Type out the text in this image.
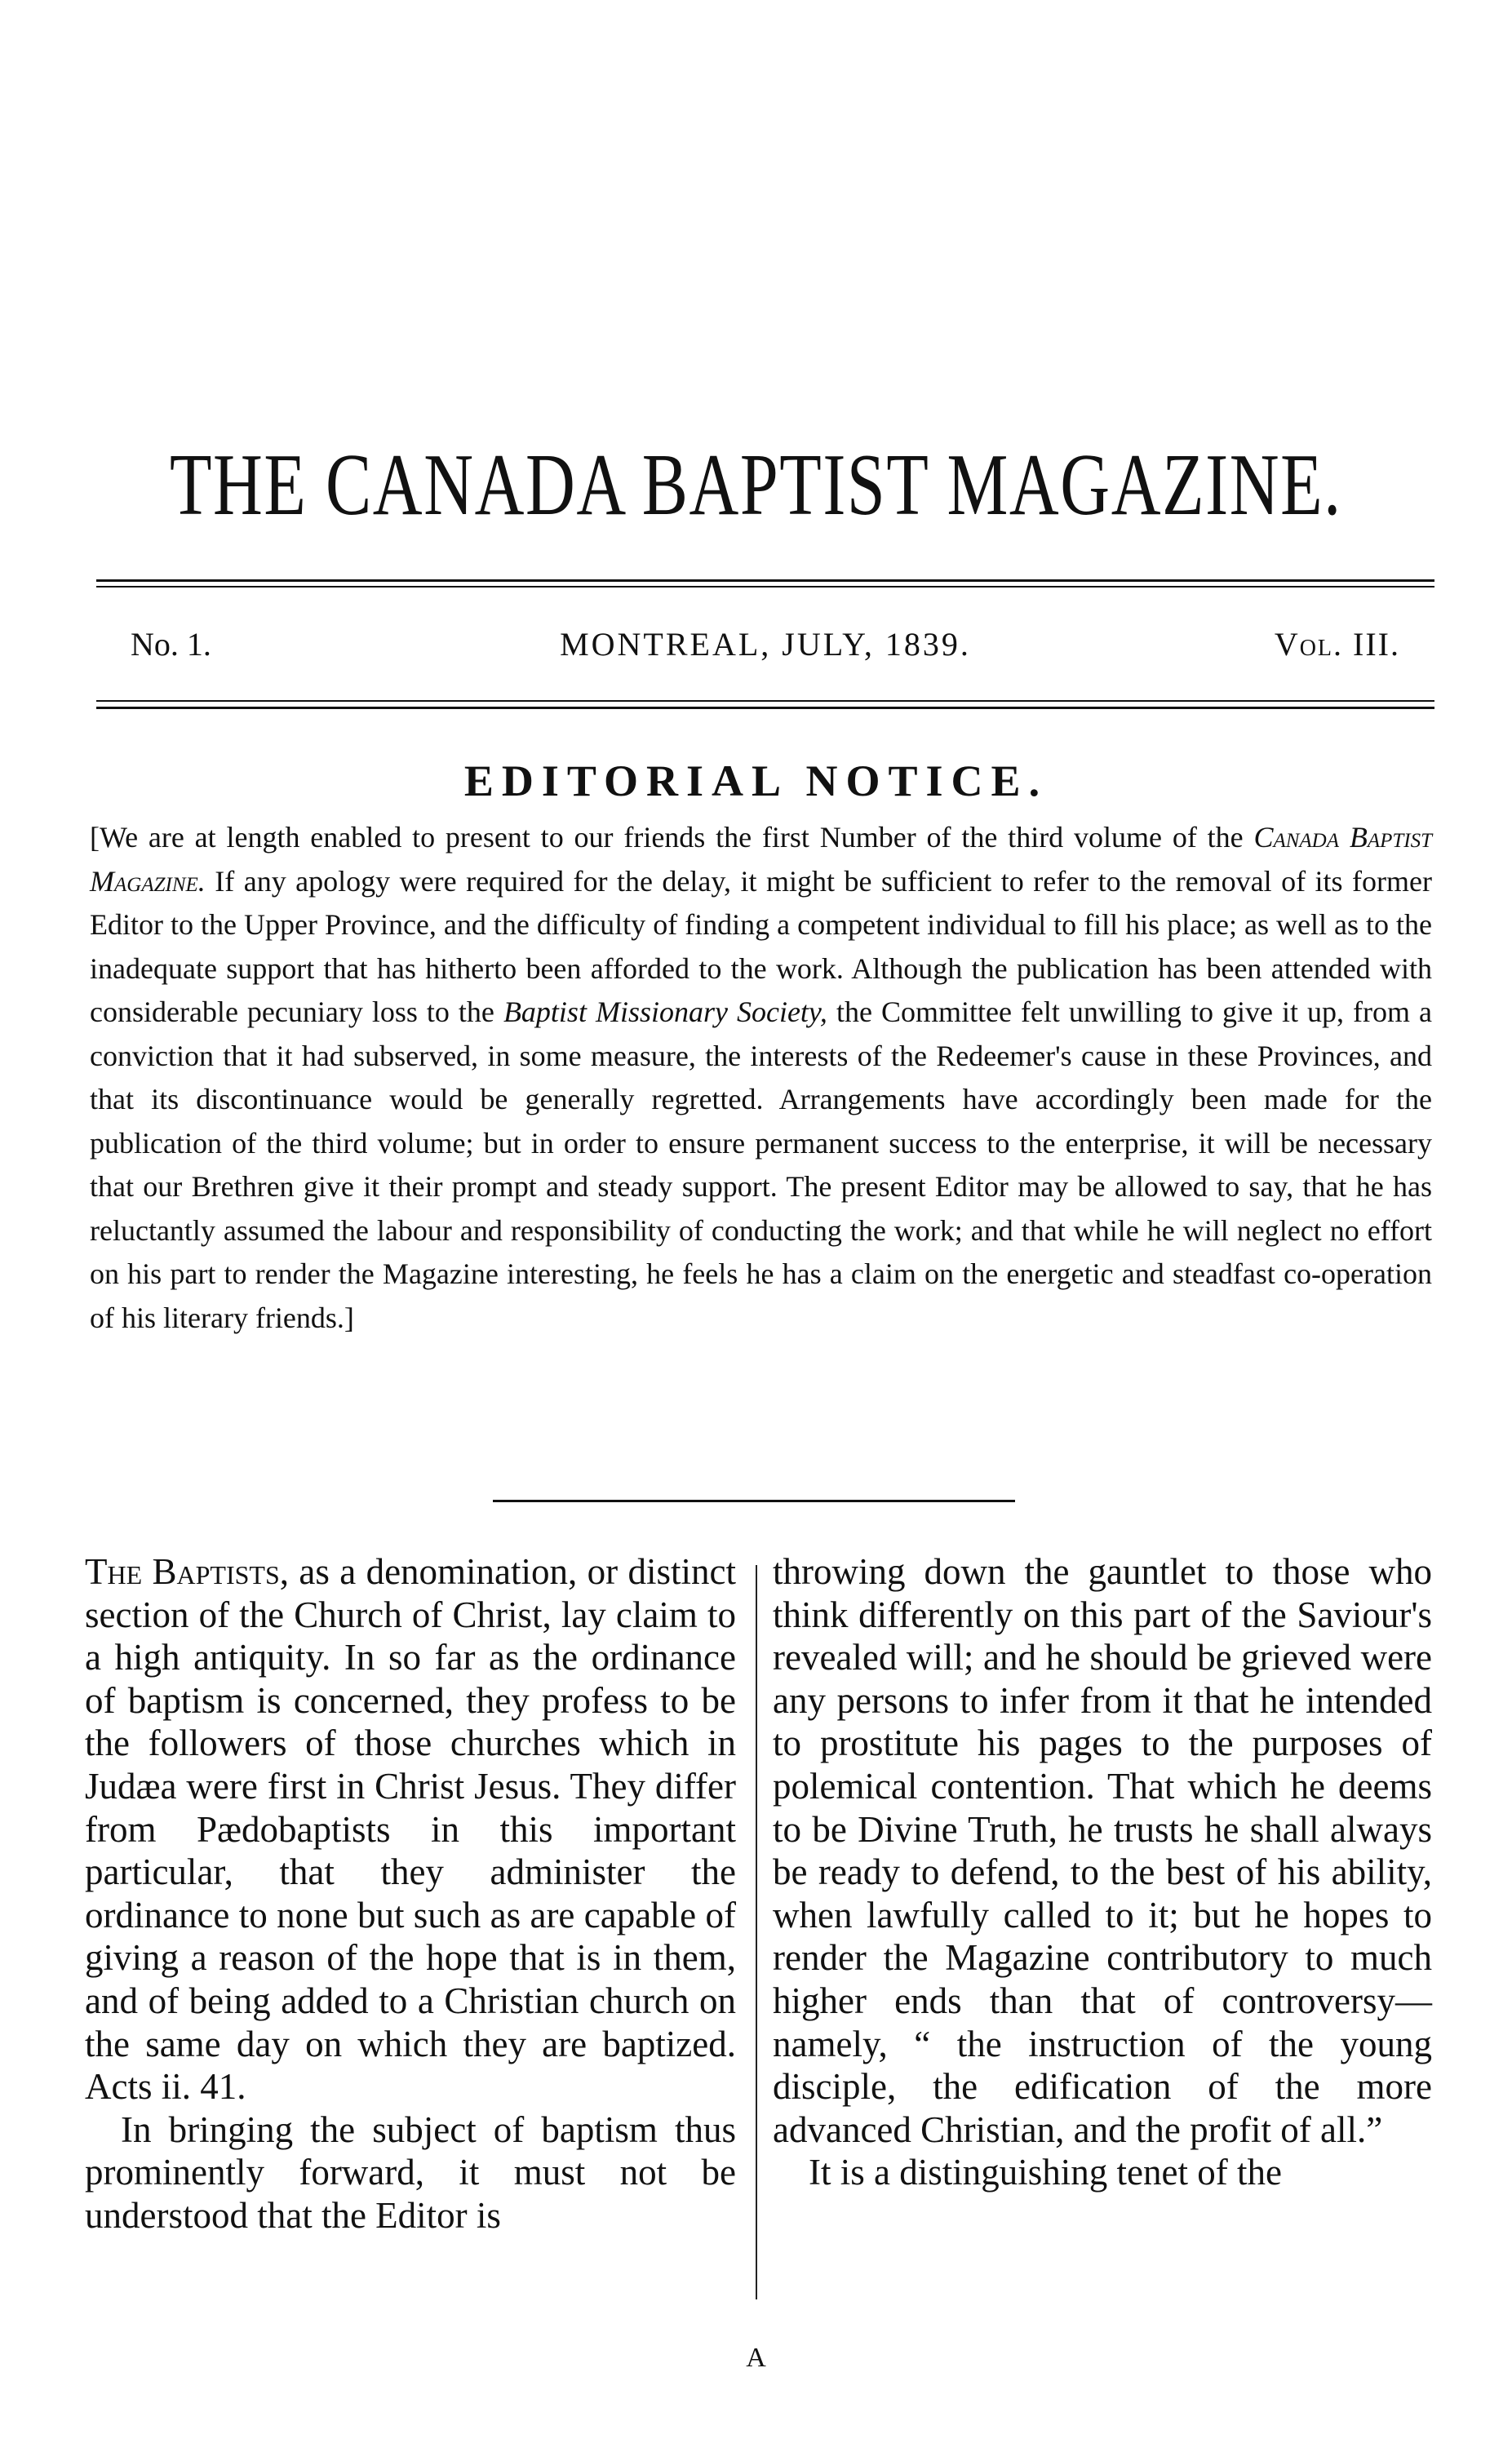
THE CANADA BAPTIST MAGAZINE.
No. 1.	MONTREAL, JULY, 1839.	Vol. III.
EDITORIAL NOTICE.
[We are at length enabled to present to our friends the first Number of the third volume of the Canada Baptist Magazine. If any apology were required for the delay, it might be sufficient to refer to the removal of its former Editor to the Upper Province, and the difficulty of finding a competent individual to fill his place; as well as to the inadequate support that has hitherto been afforded to the work. Although the publication has been attended with considerable pecuniary loss to the Baptist Missionary Society, the Committee felt unwilling to give it up, from a conviction that it had subserved, in some measure, the interests of the Redeemer's cause in these Provinces, and that its discontinuance would be generally regretted. Arrangements have accordingly been made for the publication of the third volume; but in order to ensure permanent success to the enterprise, it will be necessary that our Brethren give it their prompt and steady support. The present Editor may be allowed to say, that he has reluctantly assumed the labour and responsibility of conducting the work; and that while he will neglect no effort on his part to render the Magazine interesting, he feels he has a claim on the energetic and steadfast co-operation of his literary friends.]

The Baptists, as a denomination, or distinct section of the Church of Christ, lay claim to a high antiquity. In so far as the ordinance of baptism is concerned, they profess to be the followers of those churches which in Judæa were first in Christ Jesus. They differ from Pædobaptists in this important particular, that they administer the ordinance to none but such as are capable of giving a reason of the hope that is in them, and of being added to a Christian church on the same day on which they are baptized. Acts ii. 41.

In bringing the subject of baptism thus prominently forward, it must not be understood that the Editor is

throwing down the gauntlet to those who think differently on this part of the Saviour's revealed will; and he should be grieved were any persons to infer from it that he intended to prostitute his pages to the purposes of polemical contention. That which he deems to be Divine Truth, he trusts he shall always be ready to defend, to the best of his ability, when lawfully called to it; but he hopes to render the Magazine contributory to much higher ends than that of controversy—namely, “ the instruction of the young disciple, the edification of the more advanced Christian, and the profit of all.”

It is a distinguishing tenet of the

A
